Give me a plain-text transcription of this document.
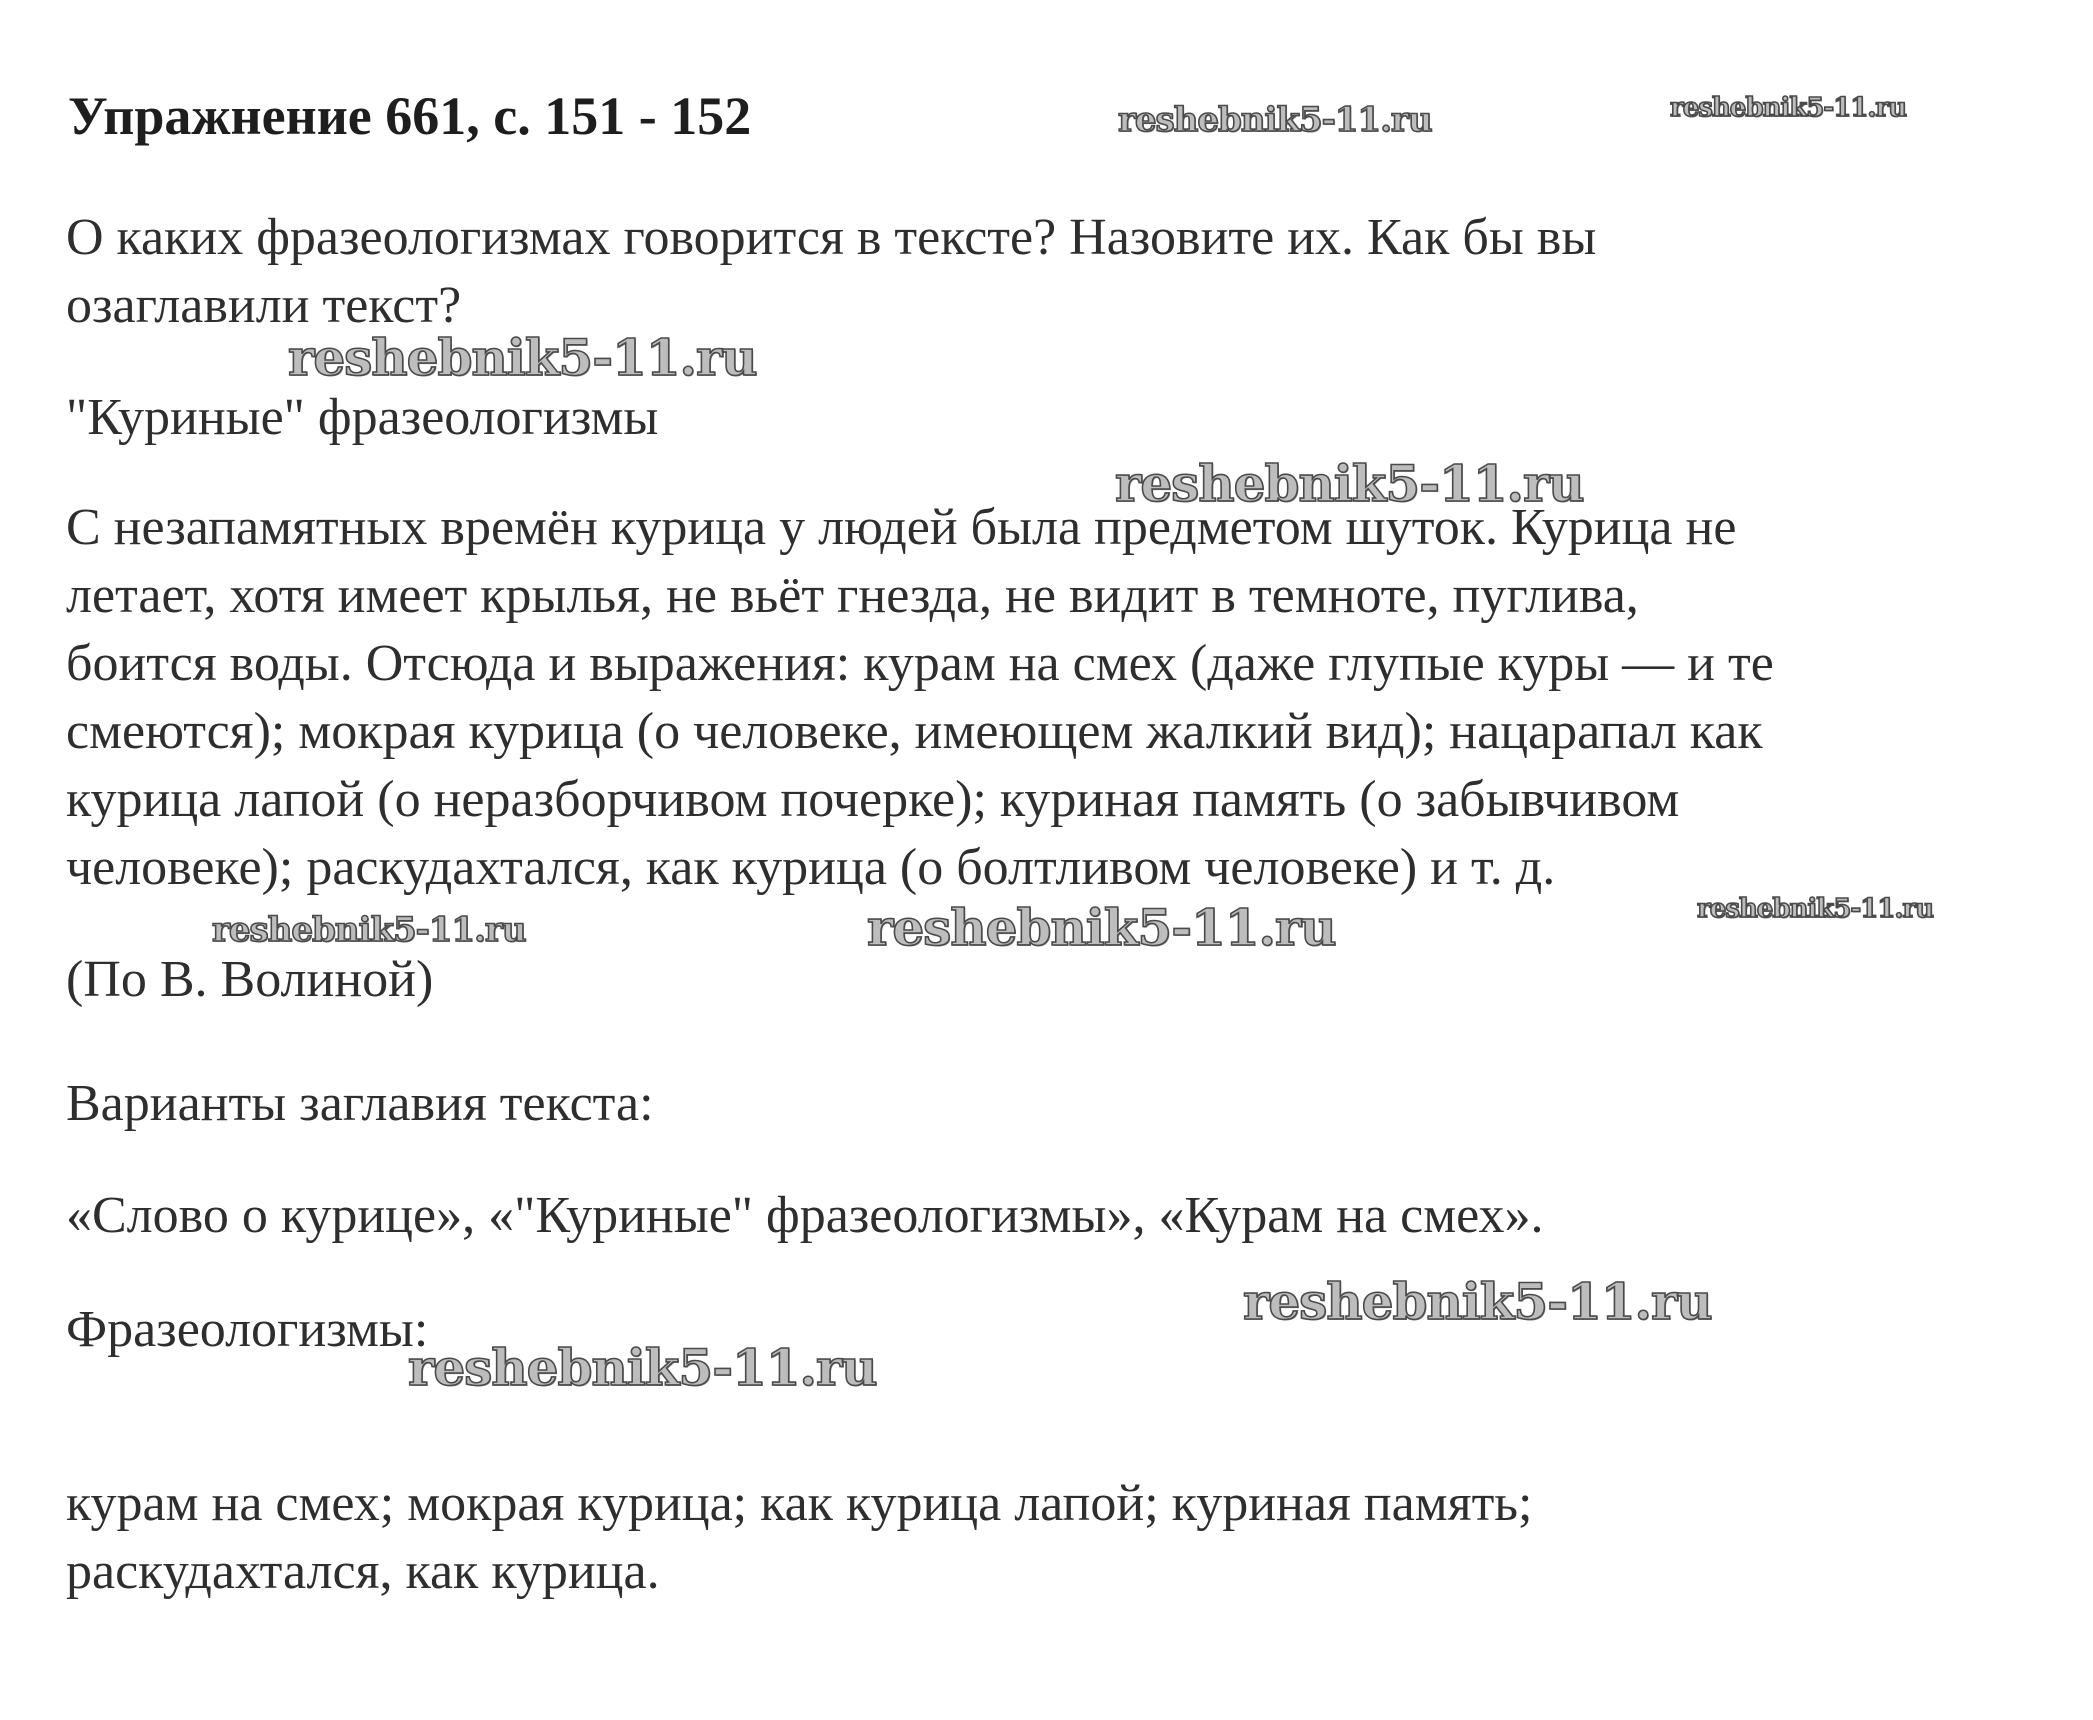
Упражнение 661, с. 151 - 152
О каких фразеологизмах говорится в тексте? Назовите их. Как бы вы
озаглавили текст?
"Куриные" фразеологизмы
С незапамятных времён курица у людей была предметом шуток. Курица не
летает, хотя имеет крылья, не вьёт гнезда, не видит в темноте, пуглива,
боится воды. Отсюда и выражения: курам на смех (даже глупые куры — и те
смеются); мокрая курица (о человеке, имеющем жалкий вид); нацарапал как
курица лапой (о неразборчивом почерке); куриная память (о забывчивом
человеке); раскудахтался, как курица (о болтливом человеке) и т. д.
(По В. Волиной)
Варианты заглавия текста:
«Слово о курице», «"Куриные" фразеологизмы», «Курам на смех».
Фразеологизмы:
курам на смех; мокрая курица; как курица лапой; куриная память;
раскудахтался, как курица.
reshebnik5-11.ru	reshebnik5-11.ru
reshebnik5-11.ru
reshebnik5-11.ru
reshebnik5-11.ru	reshebnik5-11.ru	reshebnik5-11.ru
reshebnik5-11.ru
reshebnik5-11.ru
